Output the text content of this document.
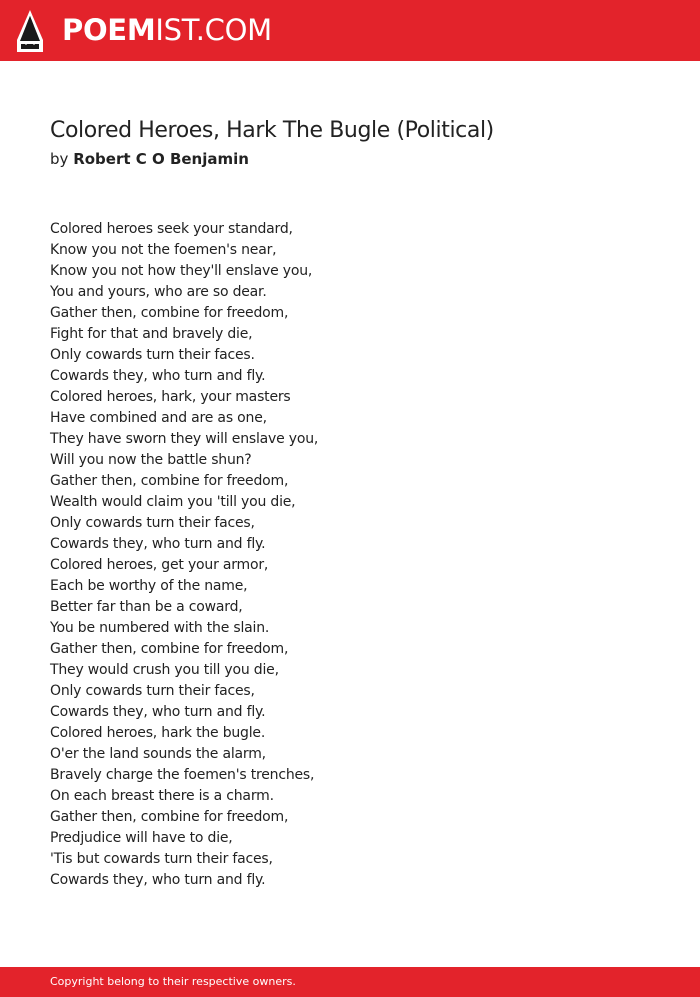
POEMIST.COM
Colored Heroes, Hark The Bugle (Political)
by Robert C O Benjamin
Colored heroes seek your standard,
Know you not the foemen's near,
Know you not how they'll enslave you,
You and yours, who are so dear.
Gather then, combine for freedom,
Fight for that and bravely die,
Only cowards turn their faces.
Cowards they, who turn and fly.
Colored heroes, hark, your masters
Have combined and are as one,
They have sworn they will enslave you,
Will you now the battle shun?
Gather then, combine for freedom,
Wealth would claim you 'till you die,
Only cowards turn their faces,
Cowards they, who turn and fly.
Colored heroes, get your armor,
Each be worthy of the name,
Better far than be a coward,
You be numbered with the slain.
Gather then, combine for freedom,
They would crush you till you die,
Only cowards turn their faces,
Cowards they, who turn and fly.
Colored heroes, hark the bugle.
O'er the land sounds the alarm,
Bravely charge the foemen's trenches,
On each breast there is a charm.
Gather then, combine for freedom,
Predjudice will have to die,
'Tis but cowards turn their faces,
Cowards they, who turn and fly.
Copyright belong to their respective owners.
